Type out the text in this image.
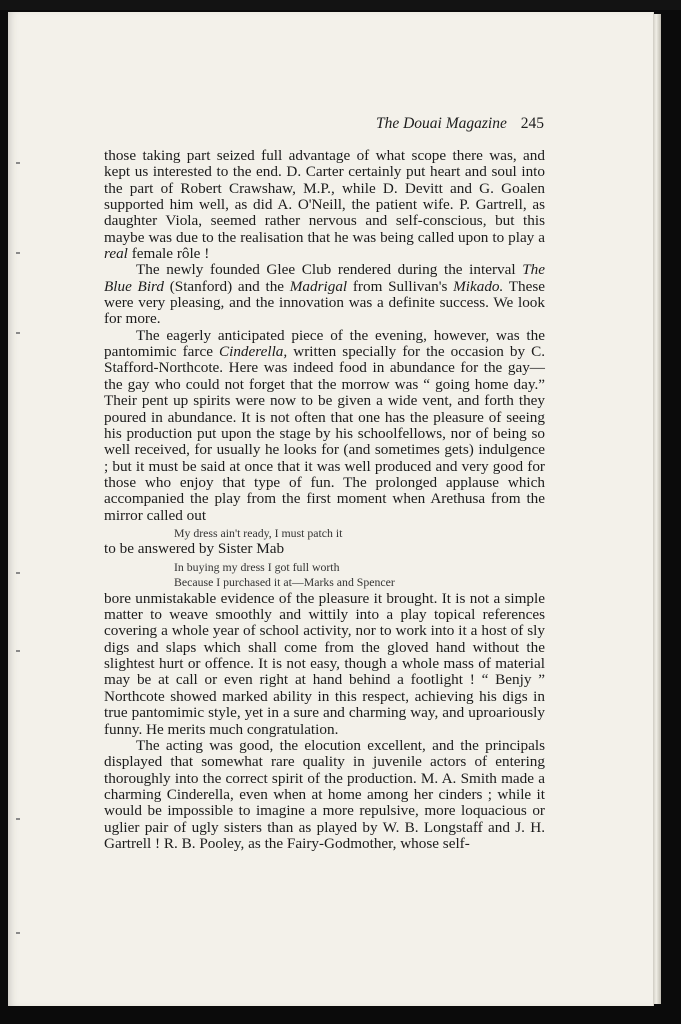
The Douai Magazine 245

those taking part seized full advantage of what scope there was, and kept us interested to the end. D. Carter certainly put heart and soul into the part of Robert Crawshaw, M.P., while D. Devitt and G. Goalen supported him well, as did A. O'Neill, the patient wife. P. Gartrell, as daughter Viola, seemed rather nervous and self-conscious, but this maybe was due to the realisation that he was being called upon to play a real female rôle !

The newly founded Glee Club rendered during the interval The Blue Bird (Stanford) and the Madrigal from Sullivan's Mikado. These were very pleasing, and the innovation was a definite success. We look for more.

The eagerly anticipated piece of the evening, however, was the pantomimic farce Cinderella, written specially for the occasion by C. Stafford-Northcote. Here was indeed food in abundance for the gay—the gay who could not forget that the morrow was “ going home day.” Their pent up spirits were now to be given a wide vent, and forth they poured in abundance. It is not often that one has the pleasure of seeing his production put upon the stage by his schoolfellows, nor of being so well received, for usually he looks for (and sometimes gets) indulgence ; but it must be said at once that it was well produced and very good for those who enjoy that type of fun. The prolonged applause which accompanied the play from the first moment when Arethusa from the mirror called out

My dress ain't ready, I must patch it

to be answered by Sister Mab

In buying my dress I got full worth
Because I purchased it at—Marks and Spencer

bore unmistakable evidence of the pleasure it brought. It is not a simple matter to weave smoothly and wittily into a play topical references covering a whole year of school activity, nor to work into it a host of sly digs and slaps which shall come from the gloved hand without the slightest hurt or offence. It is not easy, though a whole mass of material may be at call or even right at hand behind a footlight ! “ Benjy ” Northcote showed marked ability in this respect, achieving his digs in true pantomimic style, yet in a sure and charming way, and uproariously funny. He merits much congratulation.

The acting was good, the elocution excellent, and the principals displayed that somewhat rare quality in juvenile actors of entering thoroughly into the correct spirit of the production. M. A. Smith made a charming Cinderella, even when at home among her cinders ; while it would be impossible to imagine a more repulsive, more loquacious or uglier pair of ugly sisters than as played by W. B. Longstaff and J. H. Gartrell ! R. B. Pooley, as the Fairy-Godmother, whose self-
